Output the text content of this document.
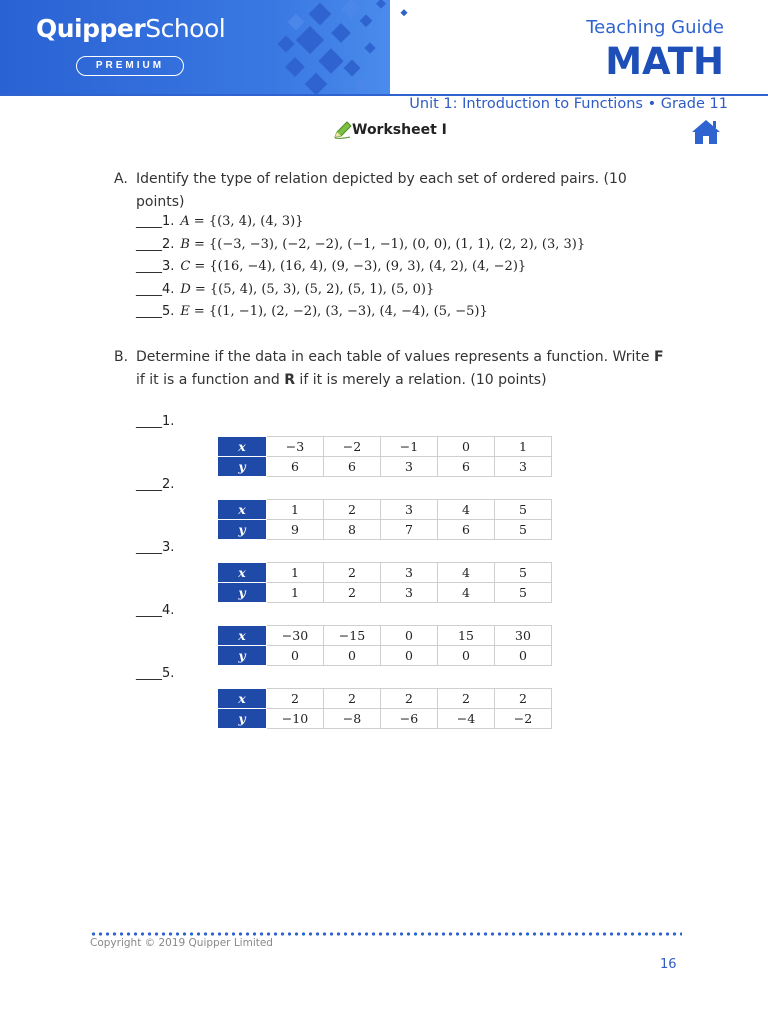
QuipperSchool
PREMIUM
Teaching Guide
MATH
Unit 1: Introduction to Functions • Grade 11
Worksheet I
A. Identify the type of relation depicted by each set of ordered pairs. (10 points)
____1. A = {(3, 4), (4, 3)}
____2. B = {(−3, −3), (−2, −2), (−1, −1), (0, 0), (1, 1), (2, 2), (3, 3)}
____3. C = {(16, −4), (16, 4), (9, −3), (9, 3), (4, 2), (4, −2)}
____4. D = {(5, 4), (5, 3), (5, 2), (5, 1), (5, 0)}
____5. E = {(1, −1), (2, −2), (3, −3), (4, −4), (5, −5)}
B. Determine if the data in each table of values represents a function. Write F if it is a function and R if it is merely a relation. (10 points)
____1.
x	−3	−2	−1	0	1
y	6	6	3	6	3
____2.
x	1	2	3	4	5
y	9	8	7	6	5
____3.
x	1	2	3	4	5
y	1	2	3	4	5
____4.
x	−30	−15	0	15	30
y	0	0	0	0	0
____5.
x	2	2	2	2	2
y	−10	−8	−6	−4	−2
Copyright © 2019 Quipper Limited
16
